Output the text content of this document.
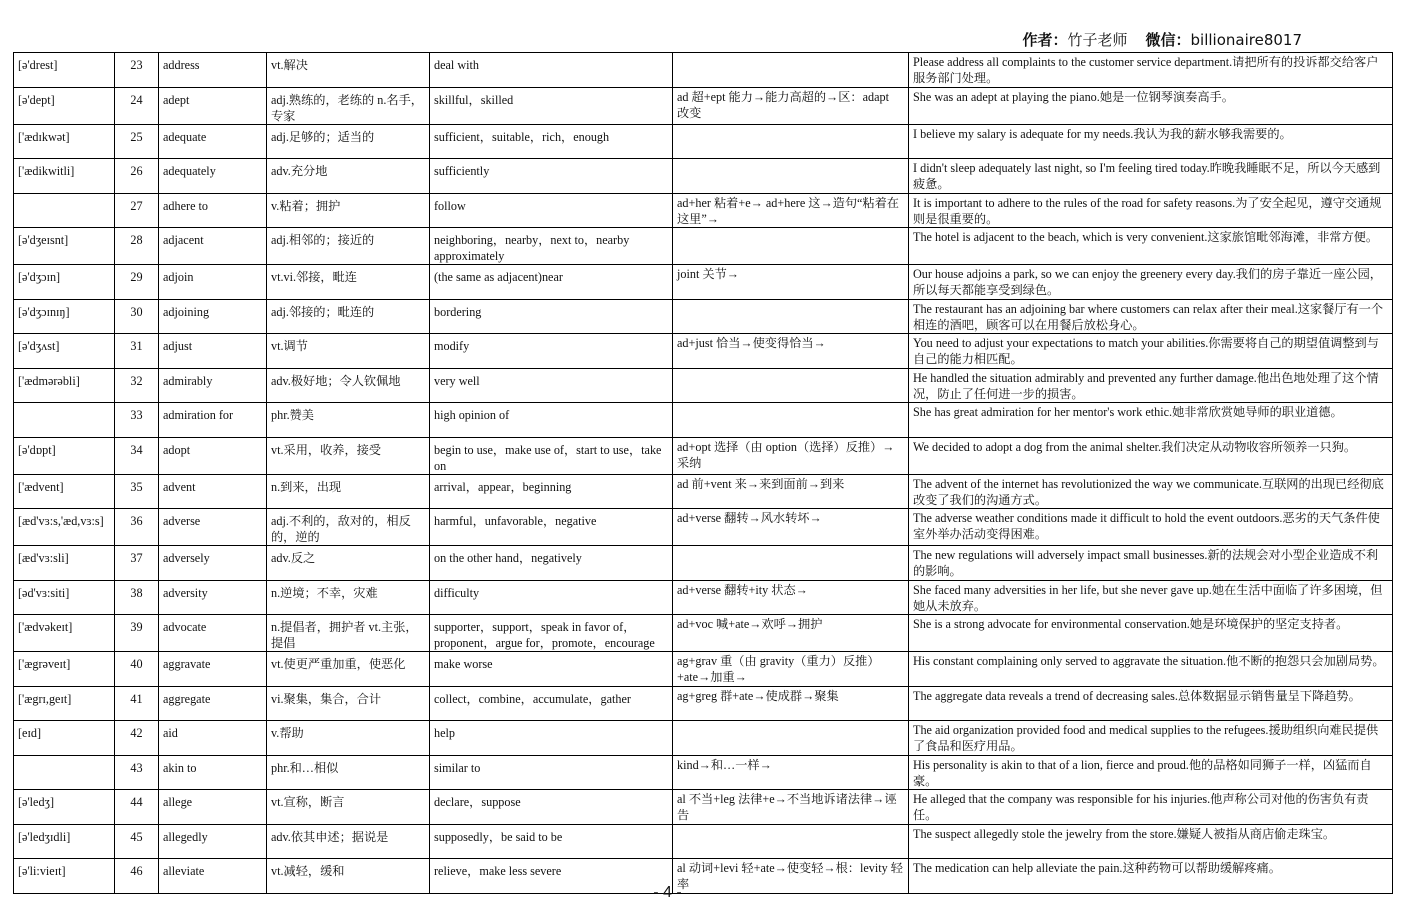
作者：竹子老师 微信：billionaire8017
[ə'drest]	23	address	vt.解决	deal with		Please address all complaints to the customer service department.请把所有的投诉都交给客户服务部门处理。
[ə'dept]	24	adept	adj.熟练的，老练的 n.名手，专家	skillful，skilled	ad 超+ept 能力→能力高超的→区：adapt 改变	She was an adept at playing the piano.她是一位钢琴演奏高手。
['ædɪkwət]	25	adequate	adj.足够的；适当的	sufficient，suitable，rich，enough		I believe my salary is adequate for my needs.我认为我的薪水够我需要的。
['ædikwitli]	26	adequately	adv.充分地	sufficiently		I didn't sleep adequately last night, so I'm feeling tired today.昨晚我睡眠不足，所以今天感到疲惫。
	27	adhere to	v.粘着；拥护	follow	ad+her 粘着+e→ ad+here 这→造句“粘着在这里”→	It is important to adhere to the rules of the road for safety reasons.为了安全起见，遵守交通规则是很重要的。
[ə'dʒeɪsnt]	28	adjacent	adj.相邻的；接近的	neighboring，nearby，next to，nearby approximately		The hotel is adjacent to the beach, which is very convenient.这家旅馆毗邻海滩，非常方便。
[ə'dʒɔɪn]	29	adjoin	vt.vi.邻接，毗连	(the same as adjacent)near	joint 关节→	Our house adjoins a park, so we can enjoy the greenery every day.我们的房子靠近一座公园，所以每天都能享受到绿色。
[ə'dʒɔɪnɪŋ]	30	adjoining	adj.邻接的；毗连的	bordering		The restaurant has an adjoining bar where customers can relax after their meal.这家餐厅有一个相连的酒吧，顾客可以在用餐后放松身心。
[ə'dʒʌst]	31	adjust	vt.调节	modify	ad+just 恰当→使变得恰当→	You need to adjust your expectations to match your abilities.你需要将自己的期望值调整到与自己的能力相匹配。
['ædmərəbli]	32	admirably	adv.极好地；令人钦佩地	very well		He handled the situation admirably and prevented any further damage.他出色地处理了这个情况，防止了任何进一步的损害。
	33	admiration for	phr.赞美	high opinion of		She has great admiration for her mentor's work ethic.她非常欣赏她导师的职业道德。
[ə'dɒpt]	34	adopt	vt.采用，收养，接受	begin to use，make use of，start to use，take on	ad+opt 选择（由 option（选择）反推）→采纳	We decided to adopt a dog from the animal shelter.我们决定从动物收容所领养一只狗。
['ædvent]	35	advent	n.到来，出现	arrival，appear，beginning	ad 前+vent 来→来到面前→到来	The advent of the internet has revolutionized the way we communicate.互联网的出现已经彻底改变了我们的沟通方式。
[æd'vɜ:s,'æd,vɜ:s]	36	adverse	adj.不利的，敌对的，相反的，逆的	harmful，unfavorable，negative	ad+verse 翻转→风水转坏→	The adverse weather conditions made it difficult to hold the event outdoors.恶劣的天气条件使室外举办活动变得困难。
[æd'vɜ:sli]	37	adversely	adv.反之	on the other hand，negatively		The new regulations will adversely impact small businesses.新的法规会对小型企业造成不利的影响。
[əd'vɜ:siti]	38	adversity	n.逆境；不幸，灾难	difficulty	ad+verse 翻转+ity 状态→	She faced many adversities in her life, but she never gave up.她在生活中面临了许多困境，但她从未放弃。
['ædvəkeɪt]	39	advocate	n.提倡者，拥护者 vt.主张，提倡	supporter，support，speak in favor of，proponent，argue for，promote，encourage	ad+voc 喊+ate→欢呼→拥护	She is a strong advocate for environmental conservation.她是环境保护的坚定支持者。
['ægrəveɪt]	40	aggravate	vt.使更严重加重，使恶化	make worse	ag+grav 重（由 gravity（重力）反推）+ate→加重→	His constant complaining only served to aggravate the situation.他不断的抱怨只会加剧局势。
['ægrɪ,geɪt]	41	aggregate	vi.聚集，集合，合计	collect，combine，accumulate，gather	ag+greg 群+ate→使成群→聚集	The aggregate data reveals a trend of decreasing sales.总体数据显示销售量呈下降趋势。
[eɪd]	42	aid	v.帮助	help		The aid organization provided food and medical supplies to the refugees.援助组织向难民提供了食品和医疗用品。
	43	akin to	phr.和…相似	similar to	kind→和…一样→	His personality is akin to that of a lion, fierce and proud.他的品格如同狮子一样，凶猛而自豪。
[ə'ledʒ]	44	allege	vt.宣称，断言	declare，suppose	al 不当+leg 法律+e→不当地诉诸法律→诬告	He alleged that the company was responsible for his injuries.他声称公司对他的伤害负有责任。
[ə'ledʒɪdli]	45	allegedly	adv.依其申述；据说是	supposedly，be said to be		The suspect allegedly stole the jewelry from the store.嫌疑人被指从商店偷走珠宝。
[ə'li:vieɪt]	46	alleviate	vt.减轻，缓和	relieve，make less severe	al 动词+levi 轻+ate→使变轻→根：levity 轻率	The medication can help alleviate the pain.这种药物可以帮助缓解疼痛。
- 4 -
